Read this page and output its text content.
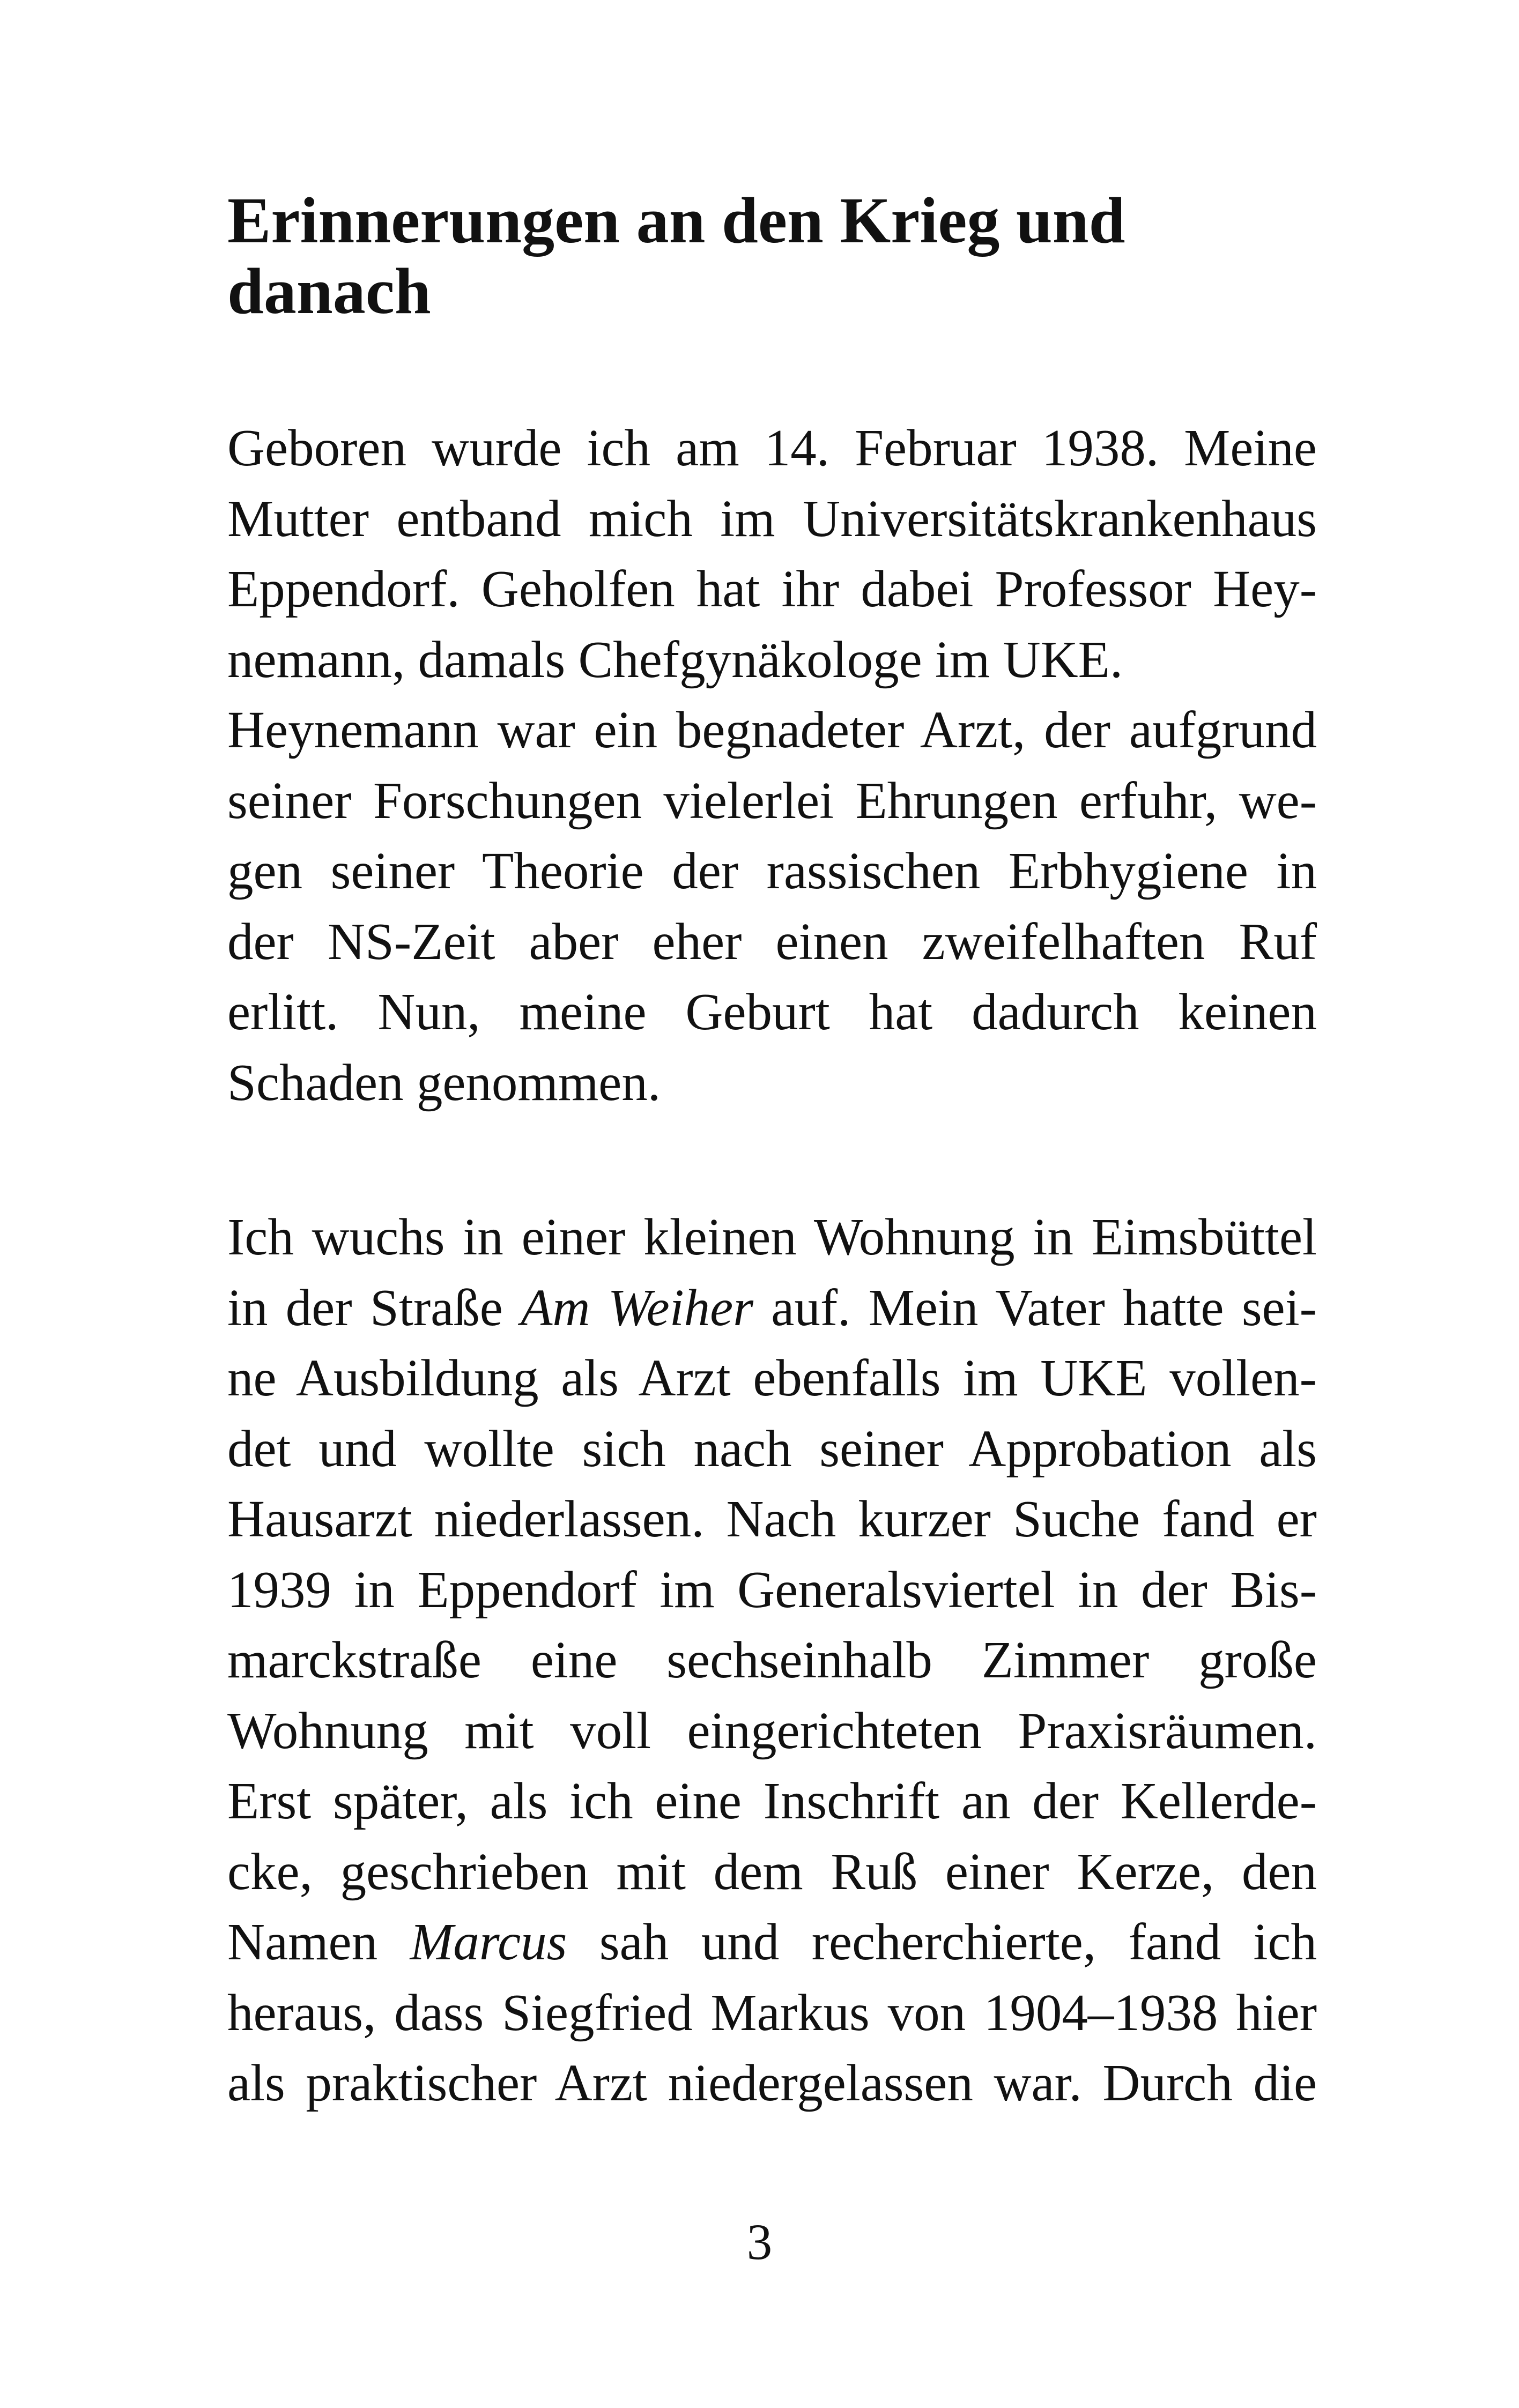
Erinnerungen an den Krieg und
danach
Geboren wurde ich am 14. Februar 1938. Meine
Mutter entband mich im Universitätskrankenhaus
Eppendorf. Geholfen hat ihr dabei Professor Hey-
nemann, damals Chefgynäkologe im UKE.
Heynemann war ein begnadeter Arzt, der aufgrund
seiner Forschungen vielerlei Ehrungen erfuhr, we-
gen seiner Theorie der rassischen Erbhygiene in
der NS-Zeit aber eher einen zweifelhaften Ruf
erlitt. Nun, meine Geburt hat dadurch keinen
Schaden genommen.
Ich wuchs in einer kleinen Wohnung in Eimsbüttel
in der Straße Am Weiher auf. Mein Vater hatte sei-
ne Ausbildung als Arzt ebenfalls im UKE vollen-
det und wollte sich nach seiner Approbation als
Hausarzt niederlassen. Nach kurzer Suche fand er
1939 in Eppendorf im Generalsviertel in der Bis-
marckstraße eine sechseinhalb Zimmer große
Wohnung mit voll eingerichteten Praxisräumen.
Erst später, als ich eine Inschrift an der Kellerde-
cke, geschrieben mit dem Ruß einer Kerze, den
Namen Marcus sah und recherchierte, fand ich
heraus, dass Siegfried Markus von 1904–1938 hier
als praktischer Arzt niedergelassen war. Durch die
3
